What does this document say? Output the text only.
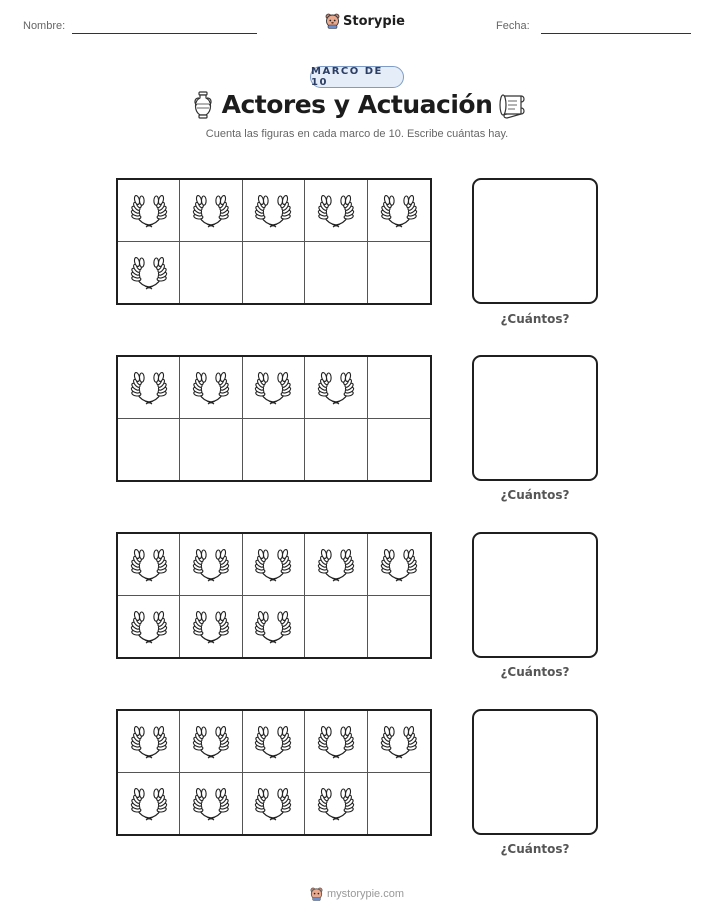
Nombre:	Storypie	Fecha:
MARCO DE 10
Actores y Actuación
Cuenta las figuras en cada marco de 10. Escribe cuántas hay.
¿Cuántos?
¿Cuántos?
¿Cuántos?
¿Cuántos?
mystorypie.com
